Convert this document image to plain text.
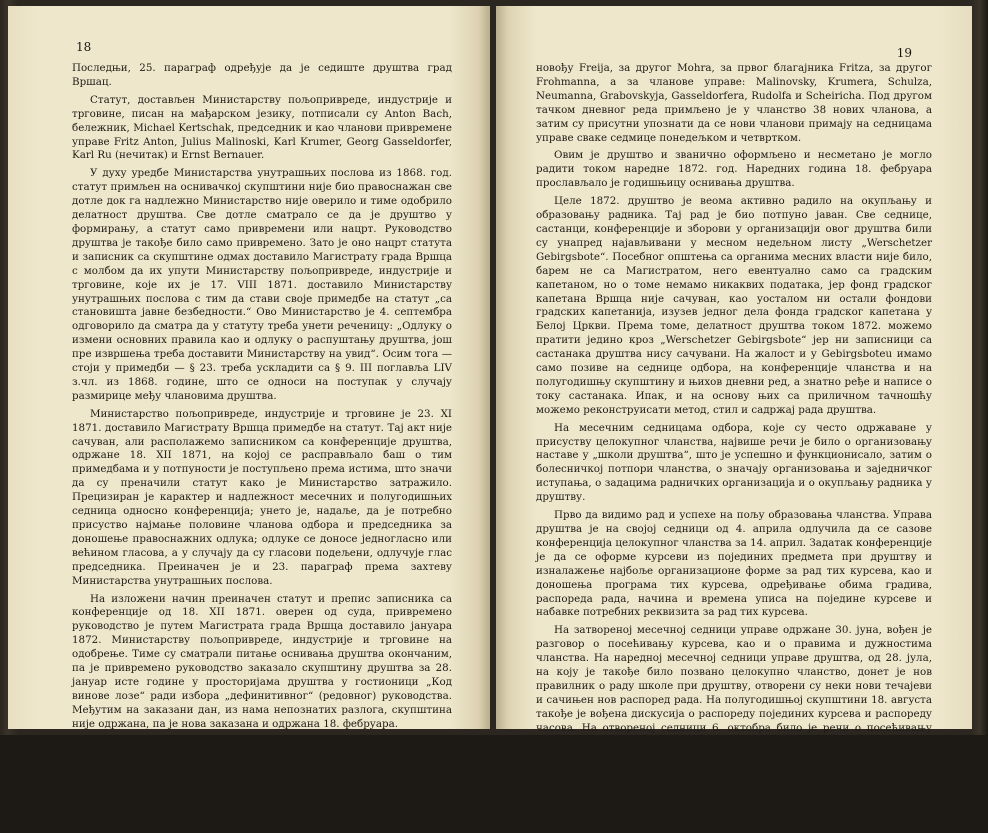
18

Последњи, 25. параграф одређује да је седиште друштва град Вршац.

Статут, достављен Министарству пољопривреде, индустрије и трговине, писан на мађарском језику, потписали су Anton Bach, бележник, Michael Kertschak, председник и као чланови привремене управе Fritz Anton, Julius Malinoski, Karl Krumer, Georg Gasseldorfer, Karl Ru (нечитак) и Ernst Bernauer.

У духу уредбе Министарства унутрашњих послова из 1868. год. статут примљен на оснивачкој скупштини није био правоснажан све дотле док га надлежно Министарство није оверило и тиме одобрило делатност друштва. Све дотле сматрало се да је друштво у формирању, а статут само привремени или нацрт. Руководство друштва је такође било само привремено. Зато је оно нацрт статута и записник са скупштине одмах доставило Магистрату града Вршца с молбом да их упути Министарству пољопривреде, индустрије и трговине, које их је 17. VIII 1871. доставило Министарству унутрашњих послова с тим да стави своје примедбе на статут „са становишта јавне безбедности.“ Ово Министарство је 4. септембра одговорило да сматра да у статуту треба унети реченицу: „Одлуку о измени основних правила као и одлуку о распуштању друштва, још пре извршења треба доставити Министарству на увид“. Осим тога — стоји у примедби — § 23. треба ускладити са § 9. III поглавља LIV з.чл. из 1868. године, што се односи на поступак у случају размирице међу члановима друштва.

Министарство пољопривреде, индустрије и трговине је 23. XI 1871. доставило Магистрату Вршца примедбе на статут. Тај акт није сачуван, али располажемо записником са конференције друштва, одржане 18. XII 1871, на којој се расправљало баш о тим примедбама и у потпуности је поступљено према истима, што значи да су преначили статут како је Министарство затражило. Прецизиран је карактер и надлежност месечних и полугодишњих седница односно конференција; унето је, надаље, да је потребно присуство најмање половине чланова одбора и председника за доношење правоснажних одлука; одлуке се доносе једногласно или већином гласова, а у случају да су гласови подељени, одлучује глас председника. Преиначен је и 23. параграф према захтеву Министарства унутрашњих послова.

На изложени начин преиначен статут и препис записника са конференције од 18. XII 1871. оверен од суда, привремено руководство је путем Магистрата града Вршца доставило јануара 1872. Министарству пољопривреде, индустрије и трговине на одобрење. Тиме су сматрали питање оснивања друштва окончаним, па је привремено руководство заказало скупштину друштва за 28. јануар исте године у просторијама друштва у гостионици „Код винове лозе“ ради избора „дефинитивног“ (редовног) руководства. Међутим на заказани дан, из нама непознатих разлога, скупштина није одржана, па је нова заказана и одржана 18. фебруара.

Скупштину је отворио привремени председник друштва Frohmann и предложио „господина Spanbauera“ за председавајућег на овој скупштини, „што је једногласно прихваћено“. Под првом тачком дневног реда изабрано је ново, сада већ редовно, руководство. За председника су изабрали Lurz-a, за заменика председника Deutsch-a, за првог бележника Bach-a, за другог бележника Roth-a, за првог рачу-

19

новођу Freija, за другог Mohra, за првог благајника Fritza, за другог Frohmanna, а за чланове управе: Malinovsky, Krumera, Schulza, Neumanna, Grabovskyja, Gasseldorfera, Rudolfa и Scheiricha. Под другом тачком дневног реда примљено је у чланство 38 нових чланова, а затим су присутни упознати да се нови чланови примају на седницама управе сваке седмице понедељком и четвртком.

Овим је друштво и званично оформљено и несметано је могло радити током наредне 1872. год. Наредних година 18. фебруара прослављало је годишњицу оснивања друштва.

Целе 1872. друштво је веома активно радило на окупљању и образовању радника. Тај рад је био потпуно јаван. Све седнице, састанци, конференције и зборови у организацији овог друштва били су унапред најављивани у месном недељном листу „Werschetzer Gebirgsbote“. Посебног општења са органима месних власти није било, барем не са Магистратом, него евентуално само са градским капетаном, но о томе немамо никаквих података, јер фонд градског капетана Вршца није сачуван, као уосталом ни остали фондови градских капетанија, изузев једног дела фонда градског капетана у Белој Цркви. Према томе, делатност друштва током 1872. можемо пратити једино кроз „Werschetzer Gebirgsbote“ јер ни записници са састанака друштва нису сачувани. На жалост и у Gebirgsboteu имамо само позиве на седнице одбора, на конференције чланства и на полугодишњу скупштину и њихов дневни ред, а знатно ређе и написе о току састанака. Ипак, и на основу њих са приличном тачношћу можемо реконструисати метод, стил и садржај рада друштва.

На месечним седницама одбора, које су често одржаване у присуству целокупног чланства, највише речи је било о организовању наставе у „школи друштва“, што је успешно и функционисало, затим о болесничкој потпори чланства, о значају организовања и заједничког иступања, о задацима радничких организација и о окупљању радника у друштву.

Прво да видимо рад и успехе на пољу образовања чланства. Управа друштва је на својој седници од 4. априла одлучила да се сазове конференција целокупног чланства за 14. април. Задатак конференције је да се оформе курсеви из појединих предмета при друштву и изналажење најбоље организационе форме за рад тих курсева, као и доношења програма тих курсева, одређивање обима градива, распореда рада, начина и времена уписа на поједине курсеве и набавке потребних реквизита за рад тих курсева.

На затвореној месечној седници управе одржане 30. јуна, вођен је разговор о посећивању курсева, као и о правима и дужностима чланства. На наредној месечној седници управе друштва, од 28. јула, на коју је такође било позвано целокупно чланство, донет је нов правилник о раду школе при друштву, отворени су неки нови течајеви и сачињен нов распоред рада. На полугодишњој скупштини 18. августа такође је вођена дискусија о распореду појединих курсева и распореду часова. На отвореној седници 6. октобра било је речи о посећивању курсева, па је донешен нови план рада. Током новембра отпочео је курс цртања. На редовној месечној седници управе, 8. децембра, поново је било речи о наставном градиву појединих курсева.
